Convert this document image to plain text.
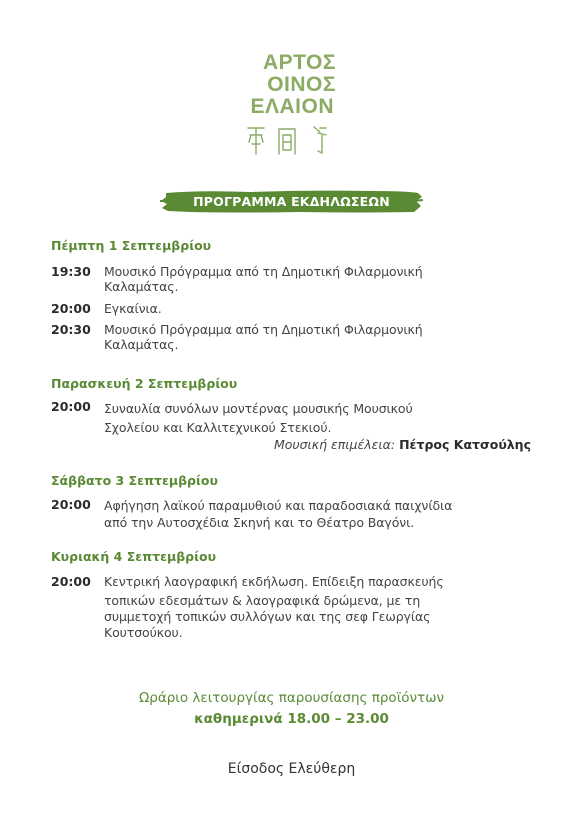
ΑΡΤΟΣ
ΟΙΝΟΣ
ΕΛΑΙΟΝ
ΠΡΟΓΡΑΜΜΑ ΕΚΔΗΛΩΣΕΩΝ
Πέμπτη 1 Σεπτεμβρίου
19:30 Μουσικό Πρόγραμμα από τη Δημοτική Φιλαρμονική
Καλαμάτας.
20:00 Εγκαίνια.
20:30 Μουσικό Πρόγραμμα από τη Δημοτική Φιλαρμονική
Καλαμάτας.
Παρασκευή 2 Σεπτεμβρίου
20:00 Συναυλία συνόλων μοντέρνας μουσικής Μουσικού
Σχολείου και Καλλιτεχνικού Στεκιού.
Μουσική επιμέλεια: Πέτρος Κατσούλης
Σάββατο 3 Σεπτεμβρίου
20:00 Αφήγηση λαϊκού παραμυθιού και παραδοσιακά παιχνίδια
από την Αυτοσχέδια Σκηνή και το Θέατρο Βαγόνι.
Κυριακή 4 Σεπτεμβρίου
20:00 Κεντρική λαογραφική εκδήλωση. Επίδειξη παρασκευής
τοπικών εδεσμάτων & λαογραφικά δρώμενα, με τη
συμμετοχή τοπικών συλλόγων και της σεφ Γεωργίας
Κουτσούκου.
Ωράριο λειτουργίας παρουσίασης προϊόντων
καθημερινά 18.00 – 23.00
Είσοδος Ελεύθερη
